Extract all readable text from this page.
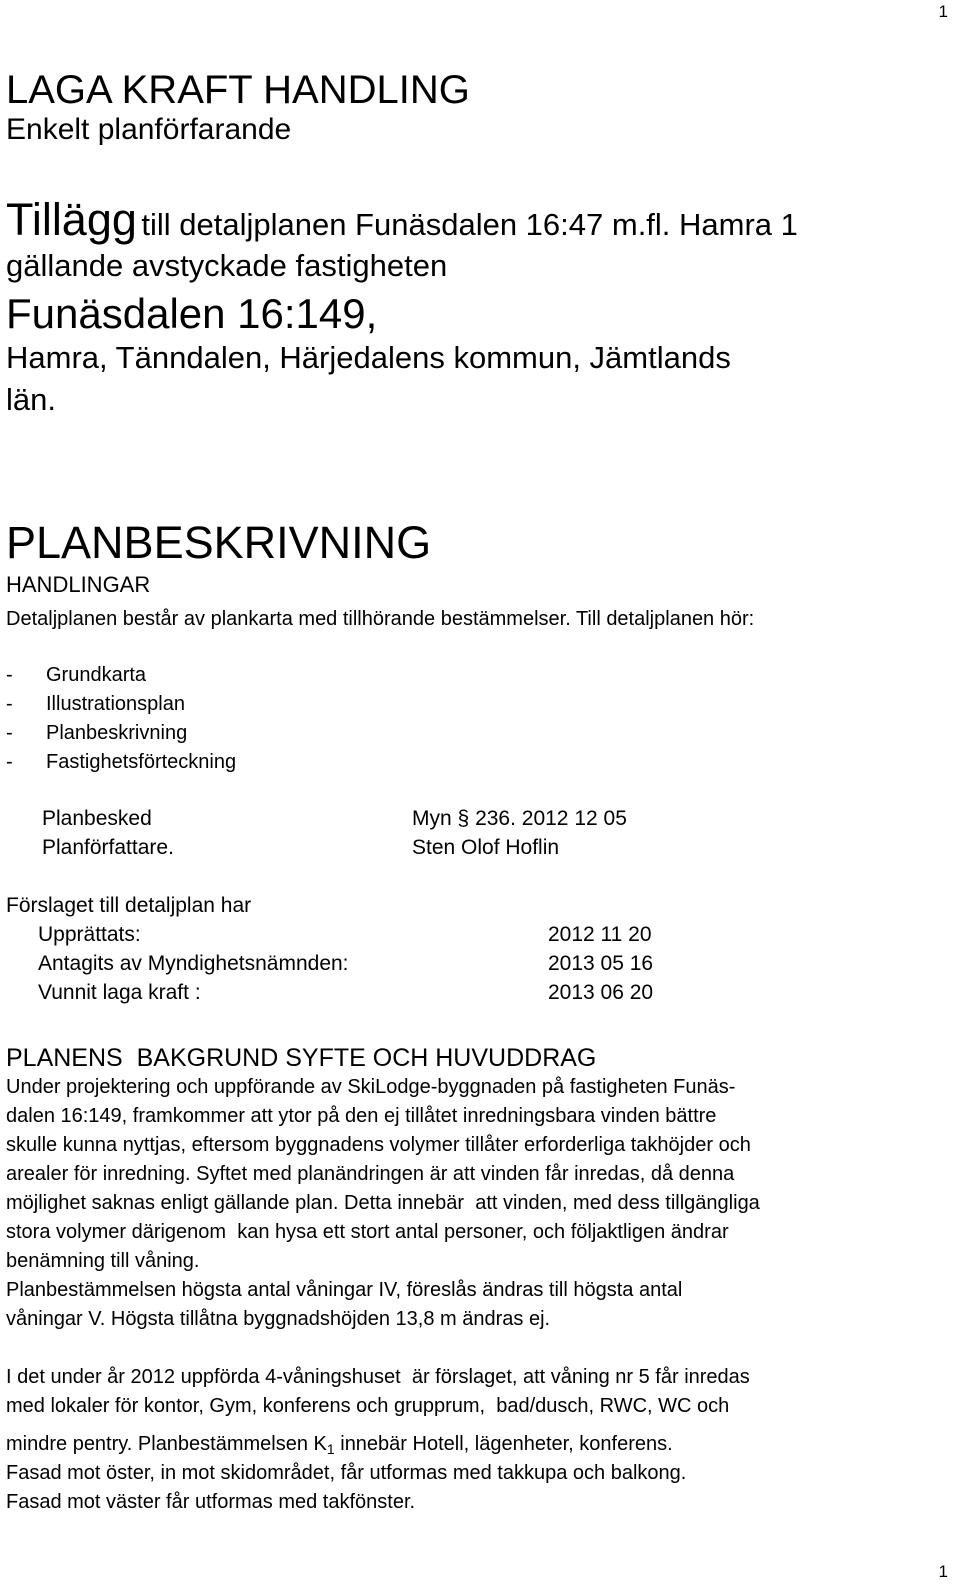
1
1
LAGA KRAFT HANDLING
Enkelt planförfarande
Tillägg till detaljplanen Funäsdalen 16:47 m.fl. Hamra 1
gällande avstyckade fastigheten
Funäsdalen 16:149,
Hamra, Tänndalen, Härjedalens kommun, Jämtlands
län.
PLANBESKRIVNING
HANDLINGAR
Detaljplanen består av plankarta med tillhörande bestämmelser. Till detaljplanen hör:
- Grundkarta
- Illustrationsplan
- Planbeskrivning
- Fastighetsförteckning
Planbesked	Myn § 236. 2012 12 05
Planförfattare.	Sten Olof Hoflin
Förslaget till detaljplan har
Upprättats:	2012 11 20
Antagits av Myndighetsnämnden:	2013 05 16
Vunnit laga kraft :	2013 06 20
PLANENS  BAKGRUND SYFTE OCH HUVUDDRAG
Under projektering och uppförande av SkiLodge-byggnaden på fastigheten Funäs-
dalen 16:149, framkommer att ytor på den ej tillåtet inredningsbara vinden bättre
skulle kunna nyttjas, eftersom byggnadens volymer tillåter erforderliga takhöjder och
arealer för inredning. Syftet med planändringen är att vinden får inredas, då denna
möjlighet saknas enligt gällande plan. Detta innebär  att vinden, med dess tillgängliga
stora volymer därigenom  kan hysa ett stort antal personer, och följaktligen ändrar
benämning till våning.
Planbestämmelsen högsta antal våningar IV, föreslås ändras till högsta antal
våningar V. Högsta tillåtna byggnadshöjden 13,8 m ändras ej.
I det under år 2012 uppförda 4-våningshuset  är förslaget, att våning nr 5 får inredas
med lokaler för kontor, Gym, konferens och grupprum,  bad/dusch, RWC, WC och
mindre pentry. Planbestämmelsen $K_1$ innebär Hotell, lägenheter, konferens.
Fasad mot öster, in mot skidområdet, får utformas med takkupa och balkong.
Fasad mot väster får utformas med takfönster.
